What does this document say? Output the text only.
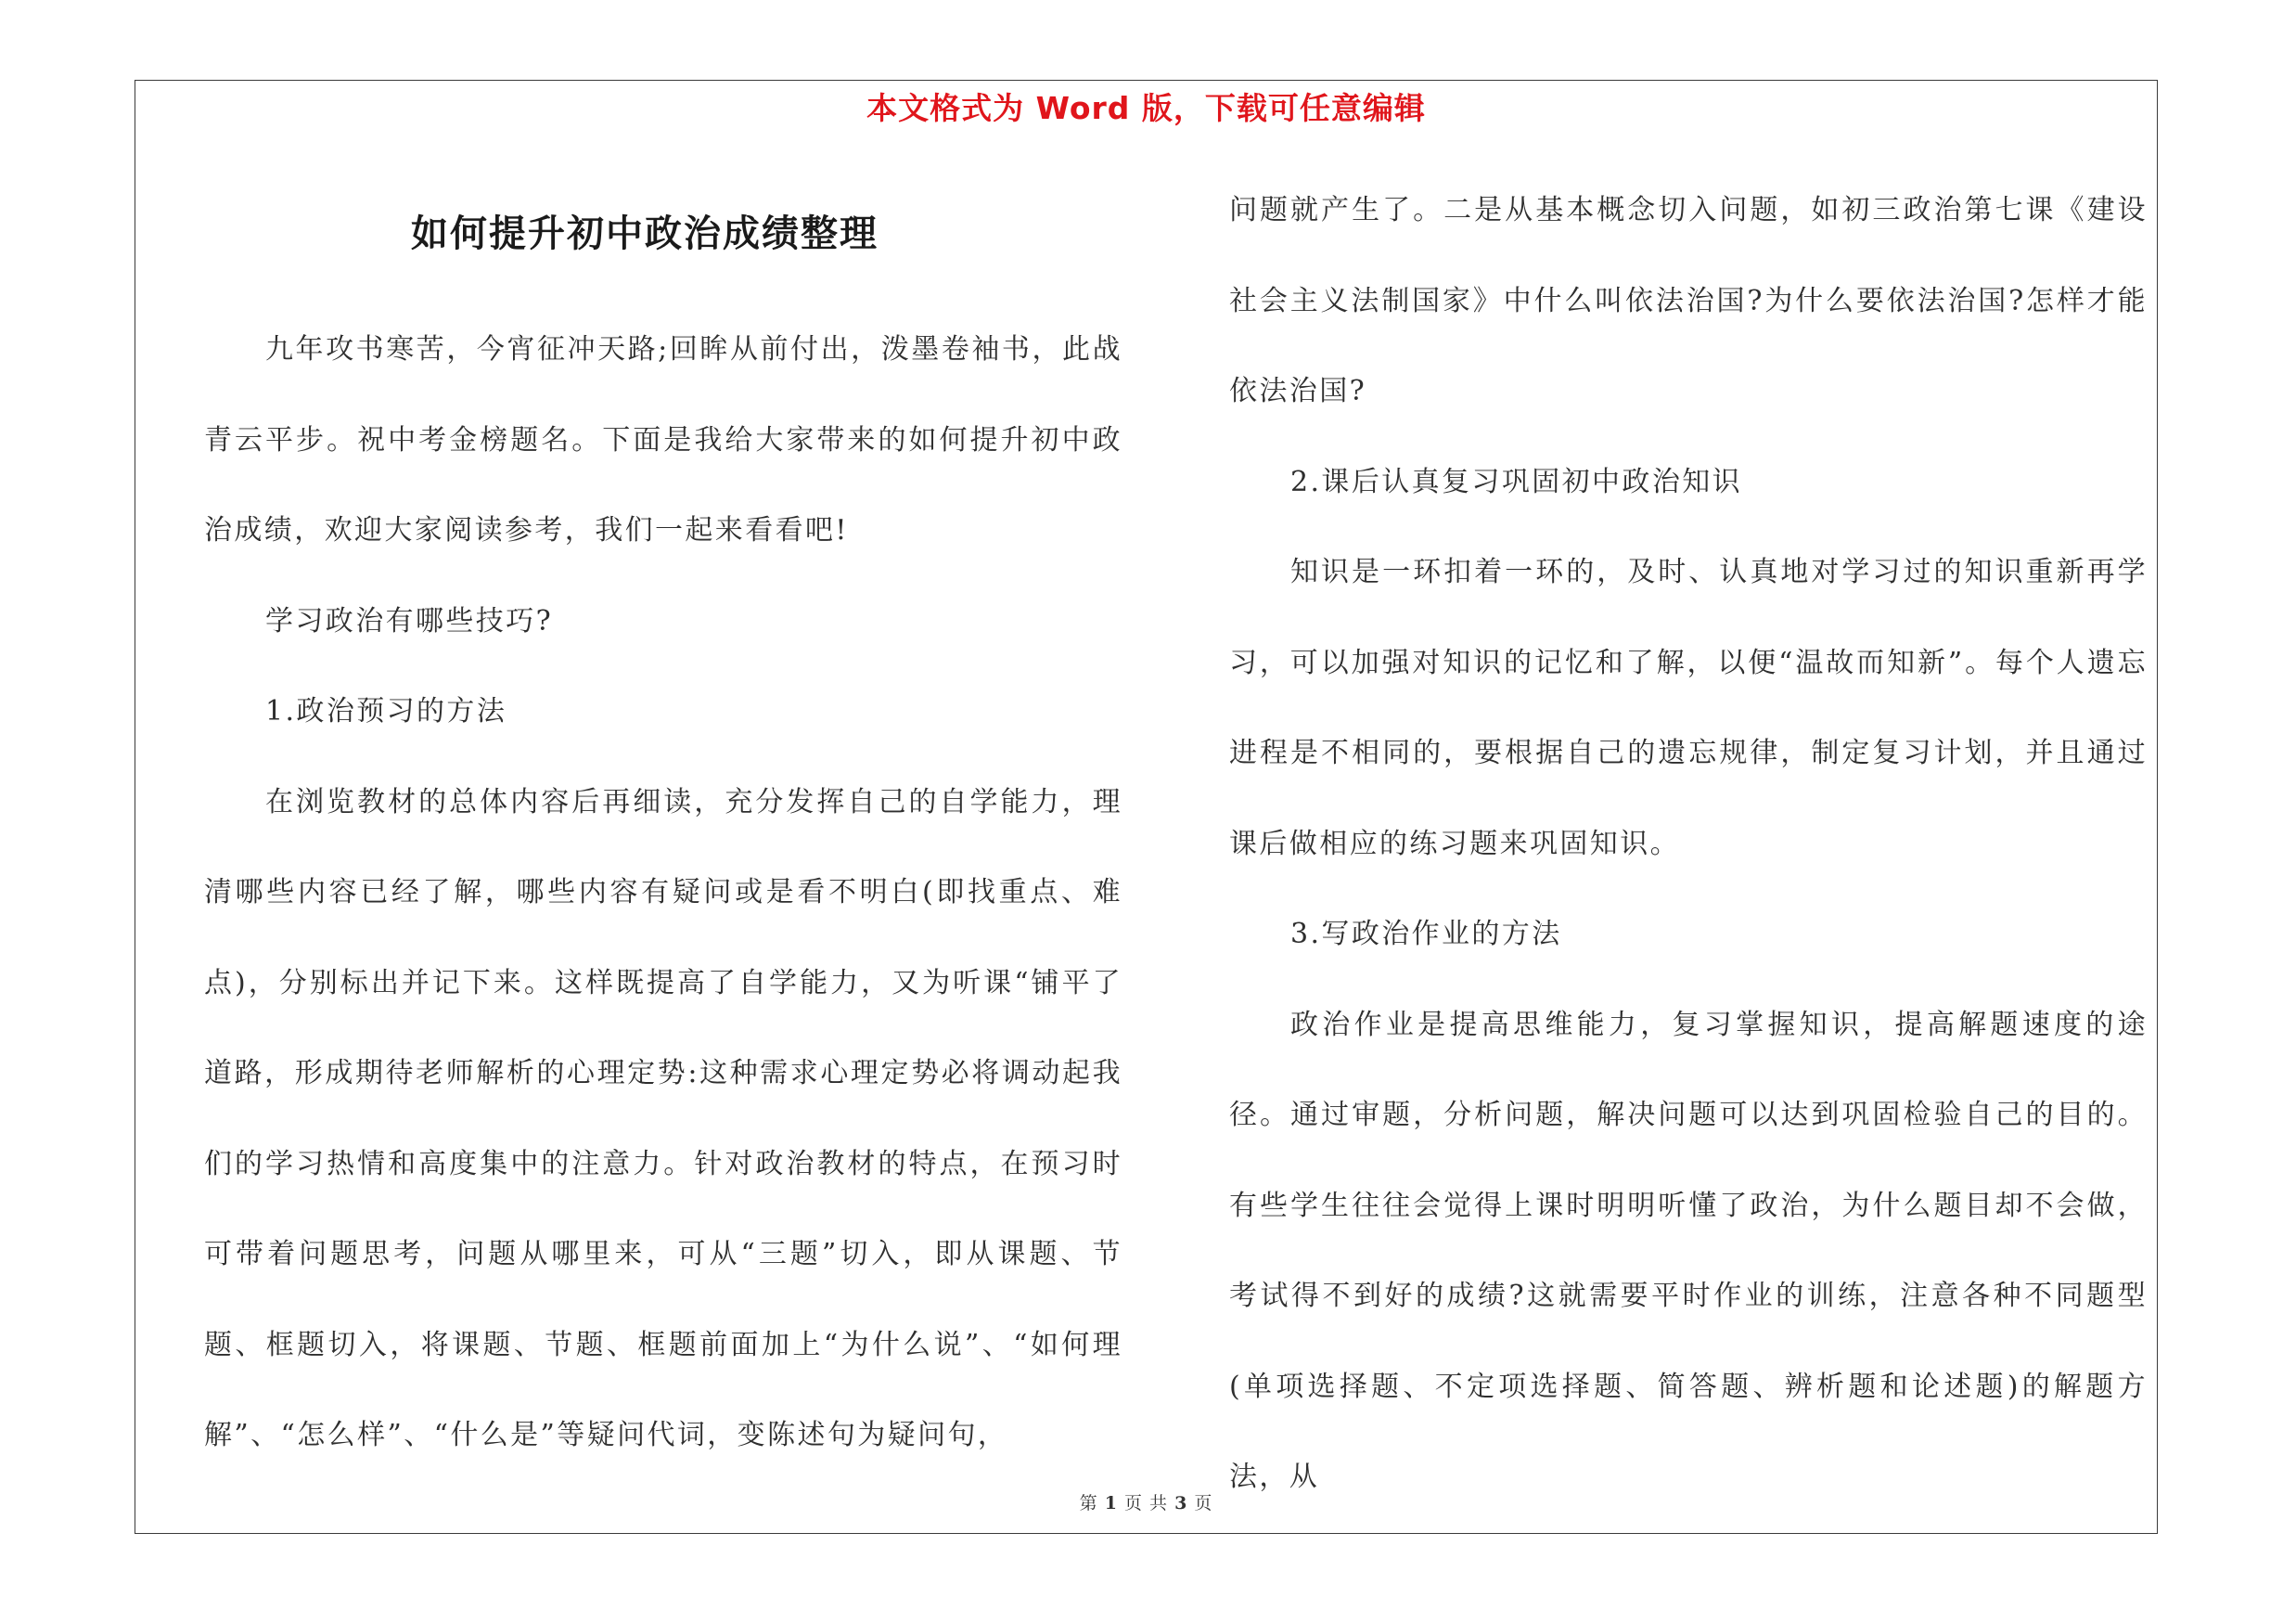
本文格式为 Word 版，下载可任意编辑
如何提升初中政治成绩整理

九年攻书寒苦，今宵征冲天路;回眸从前付出，泼墨卷袖书，此战青云平步。祝中考金榜题名。下面是我给大家带来的如何提升初中政治成绩，欢迎大家阅读参考，我们一起来看看吧!

学习政治有哪些技巧?

1.政治预习的方法

在浏览教材的总体内容后再细读，充分发挥自己的自学能力，理清哪些内容已经了解，哪些内容有疑问或是看不明白(即找重点、难点)，分别标出并记下来。这样既提高了自学能力，又为听课“铺平了道路，形成期待老师解析的心理定势:这种需求心理定势必将调动起我们的学习热情和高度集中的注意力。针对政治教材的特点，在预习时可带着问题思考，问题从哪里来，可从“三题”切入，即从课题、节题、框题切入，将课题、节题、框题前面加上“为什么说”、“如何理解”、“怎么样”、“什么是”等疑问代词，变陈述句为疑问句，

问题就产生了。二是从基本概念切入问题，如初三政治第七课《建设社会主义法制国家》中什么叫依法治国?为什么要依法治国?怎样才能依法治国?

2.课后认真复习巩固初中政治知识

知识是一环扣着一环的，及时、认真地对学习过的知识重新再学习，可以加强对知识的记忆和了解，以便“温故而知新”。每个人遗忘进程是不相同的，要根据自己的遗忘规律，制定复习计划，并且通过课后做相应的练习题来巩固知识。

3.写政治作业的方法

政治作业是提高思维能力，复习掌握知识，提高解题速度的途径。通过审题，分析问题，解决问题可以达到巩固检验自己的目的。有些学生往往会觉得上课时明明听懂了政治，为什么题目却不会做，考试得不到好的成绩?这就需要平时作业的训练，注意各种不同题型(单项选择题、不定项选择题、简答题、辨析题和论述题)的解题方法，从

第 1 页 共 3 页
